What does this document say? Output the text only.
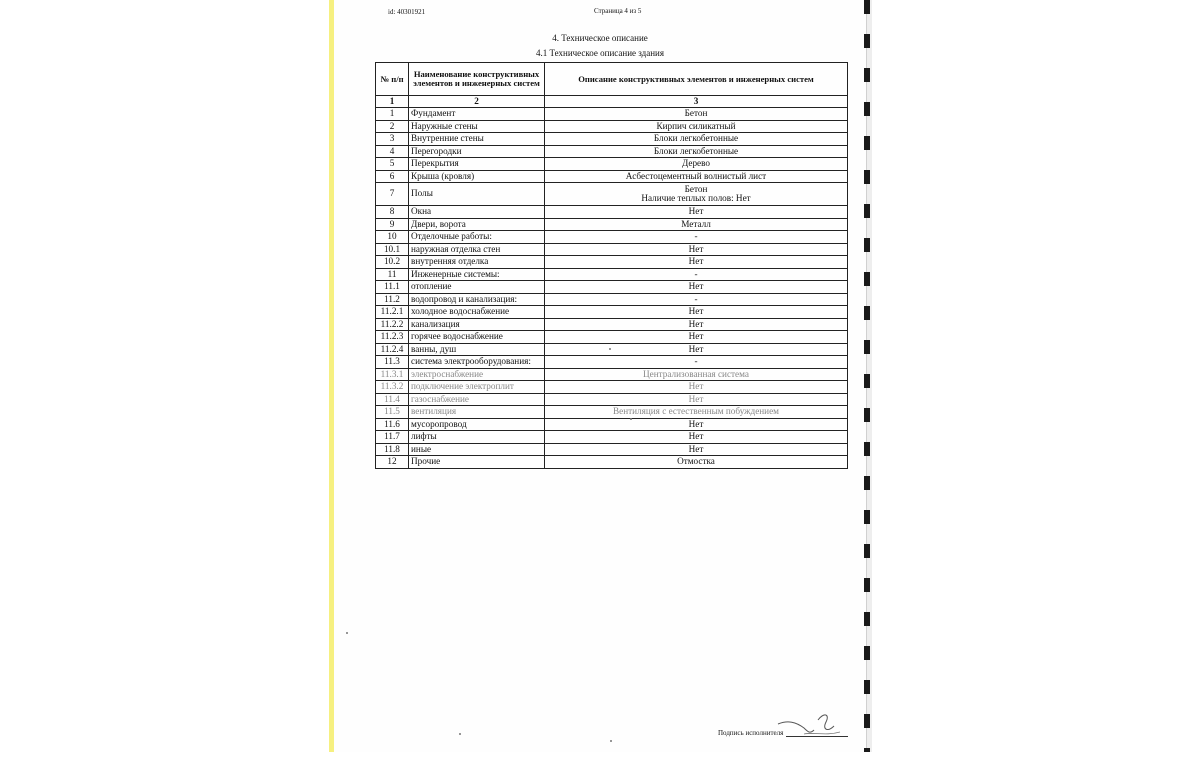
id: 40301921	Страница 4 из 5
4. Техническое описание
4.1 Техническое описание здания
№ п/п	Наименование конструктивных элементов и инженерных систем	Описание конструктивных элементов и инженерных систем
1	2	3
1	Фундамент	Бетон
2	Наружные стены	Кирпич силикатный
3	Внутренние стены	Блоки легкобетонные
4	Перегородки	Блоки легкобетонные
5	Перекрытия	Дерево
6	Крыша (кровля)	Асбестоцементный волнистый лист
7	Полы	Бетон
Наличие теплых полов: Нет

8	Окна	Нет
9	Двери, ворота	Металл
10	Отделочные работы:	-
10.1	наружная отделка стен	Нет
10.2	внутренняя отделка	Нет
11	Инженерные системы:	-
11.1	отопление	Нет
11.2	водопровод и канализация:	-
11.2.1	холодное водоснабжение	Нет
11.2.2	канализация	Нет
11.2.3	горячее водоснабжение	Нет
11.2.4	ванны, душ	Нет
11.3	система электрооборудования:	-
11.3.1	электроснабжение	Централизованная система
11.3.2	подключение электроплит	Нет
11.4	газоснабжение	Нет
11.5	вентиляция	Вентиляция с естественным побуждением
11.6	мусоропровод	Нет
11.7	лифты	Нет
11.8	иные	Нет
12	Прочие	Отмостка
Подпись исполнителя
